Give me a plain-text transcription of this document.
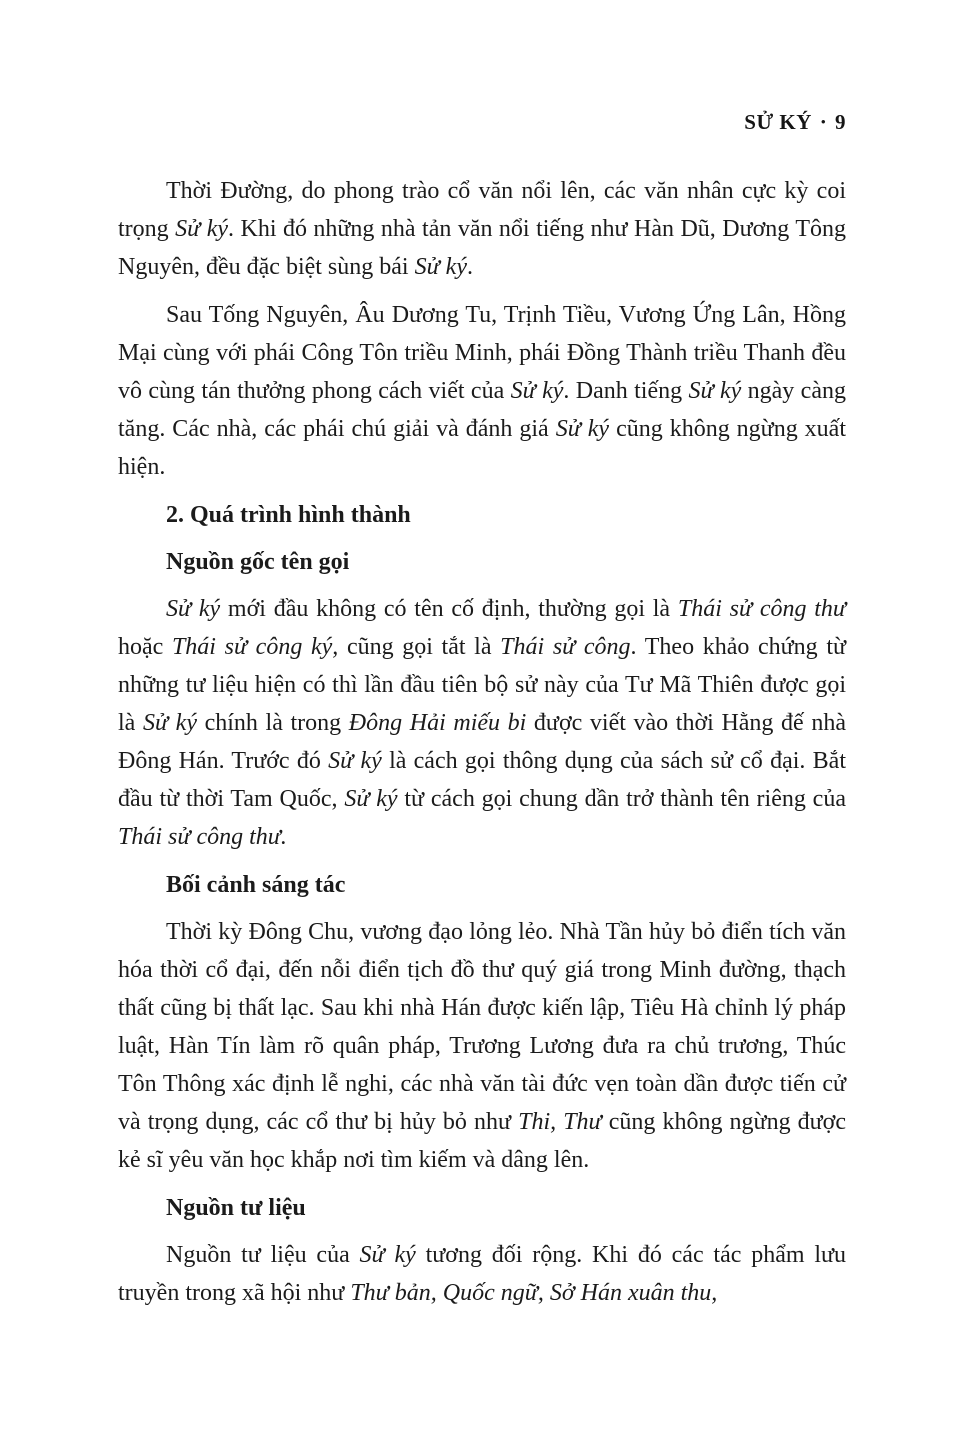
SỬ KÝ • 9

Thời Đường, do phong trào cổ văn nổi lên, các văn nhân cực kỳ coi trọng Sử ký. Khi đó những nhà tản văn nổi tiếng như Hàn Dũ, Dương Tông Nguyên, đều đặc biệt sùng bái Sử ký.

Sau Tống Nguyên, Âu Dương Tu, Trịnh Tiều, Vương Ứng Lân, Hồng Mại cùng với phái Công Tôn triều Minh, phái Đồng Thành triều Thanh đều vô cùng tán thưởng phong cách viết của Sử ký. Danh tiếng Sử ký ngày càng tăng. Các nhà, các phái chú giải và đánh giá Sử ký cũng không ngừng xuất hiện.

2. Quá trình hình thành

Nguồn gốc tên gọi

Sử ký mới đầu không có tên cố định, thường gọi là Thái sử công thư hoặc Thái sử công ký, cũng gọi tắt là Thái sử công. Theo khảo chứng từ những tư liệu hiện có thì lần đầu tiên bộ sử này của Tư Mã Thiên được gọi là Sử ký chính là trong Đông Hải miếu bi được viết vào thời Hằng đế nhà Đông Hán. Trước đó Sử ký là cách gọi thông dụng của sách sử cổ đại. Bắt đầu từ thời Tam Quốc, Sử ký từ cách gọi chung dần trở thành tên riêng của Thái sử công thư.

Bối cảnh sáng tác

Thời kỳ Đông Chu, vương đạo lỏng lẻo. Nhà Tần hủy bỏ điển tích văn hóa thời cổ đại, đến nỗi điển tịch đồ thư quý giá trong Minh đường, thạch thất cũng bị thất lạc. Sau khi nhà Hán được kiến lập, Tiêu Hà chỉnh lý pháp luật, Hàn Tín làm rõ quân pháp, Trương Lương đưa ra chủ trương, Thúc Tôn Thông xác định lễ nghi, các nhà văn tài đức vẹn toàn dần được tiến cử và trọng dụng, các cổ thư bị hủy bỏ như Thi, Thư cũng không ngừng được kẻ sĩ yêu văn học khắp nơi tìm kiếm và dâng lên.

Nguồn tư liệu

Nguồn tư liệu của Sử ký tương đối rộng. Khi đó các tác phẩm lưu truyền trong xã hội như Thư bản, Quốc ngữ, Sở Hán xuân thu,
